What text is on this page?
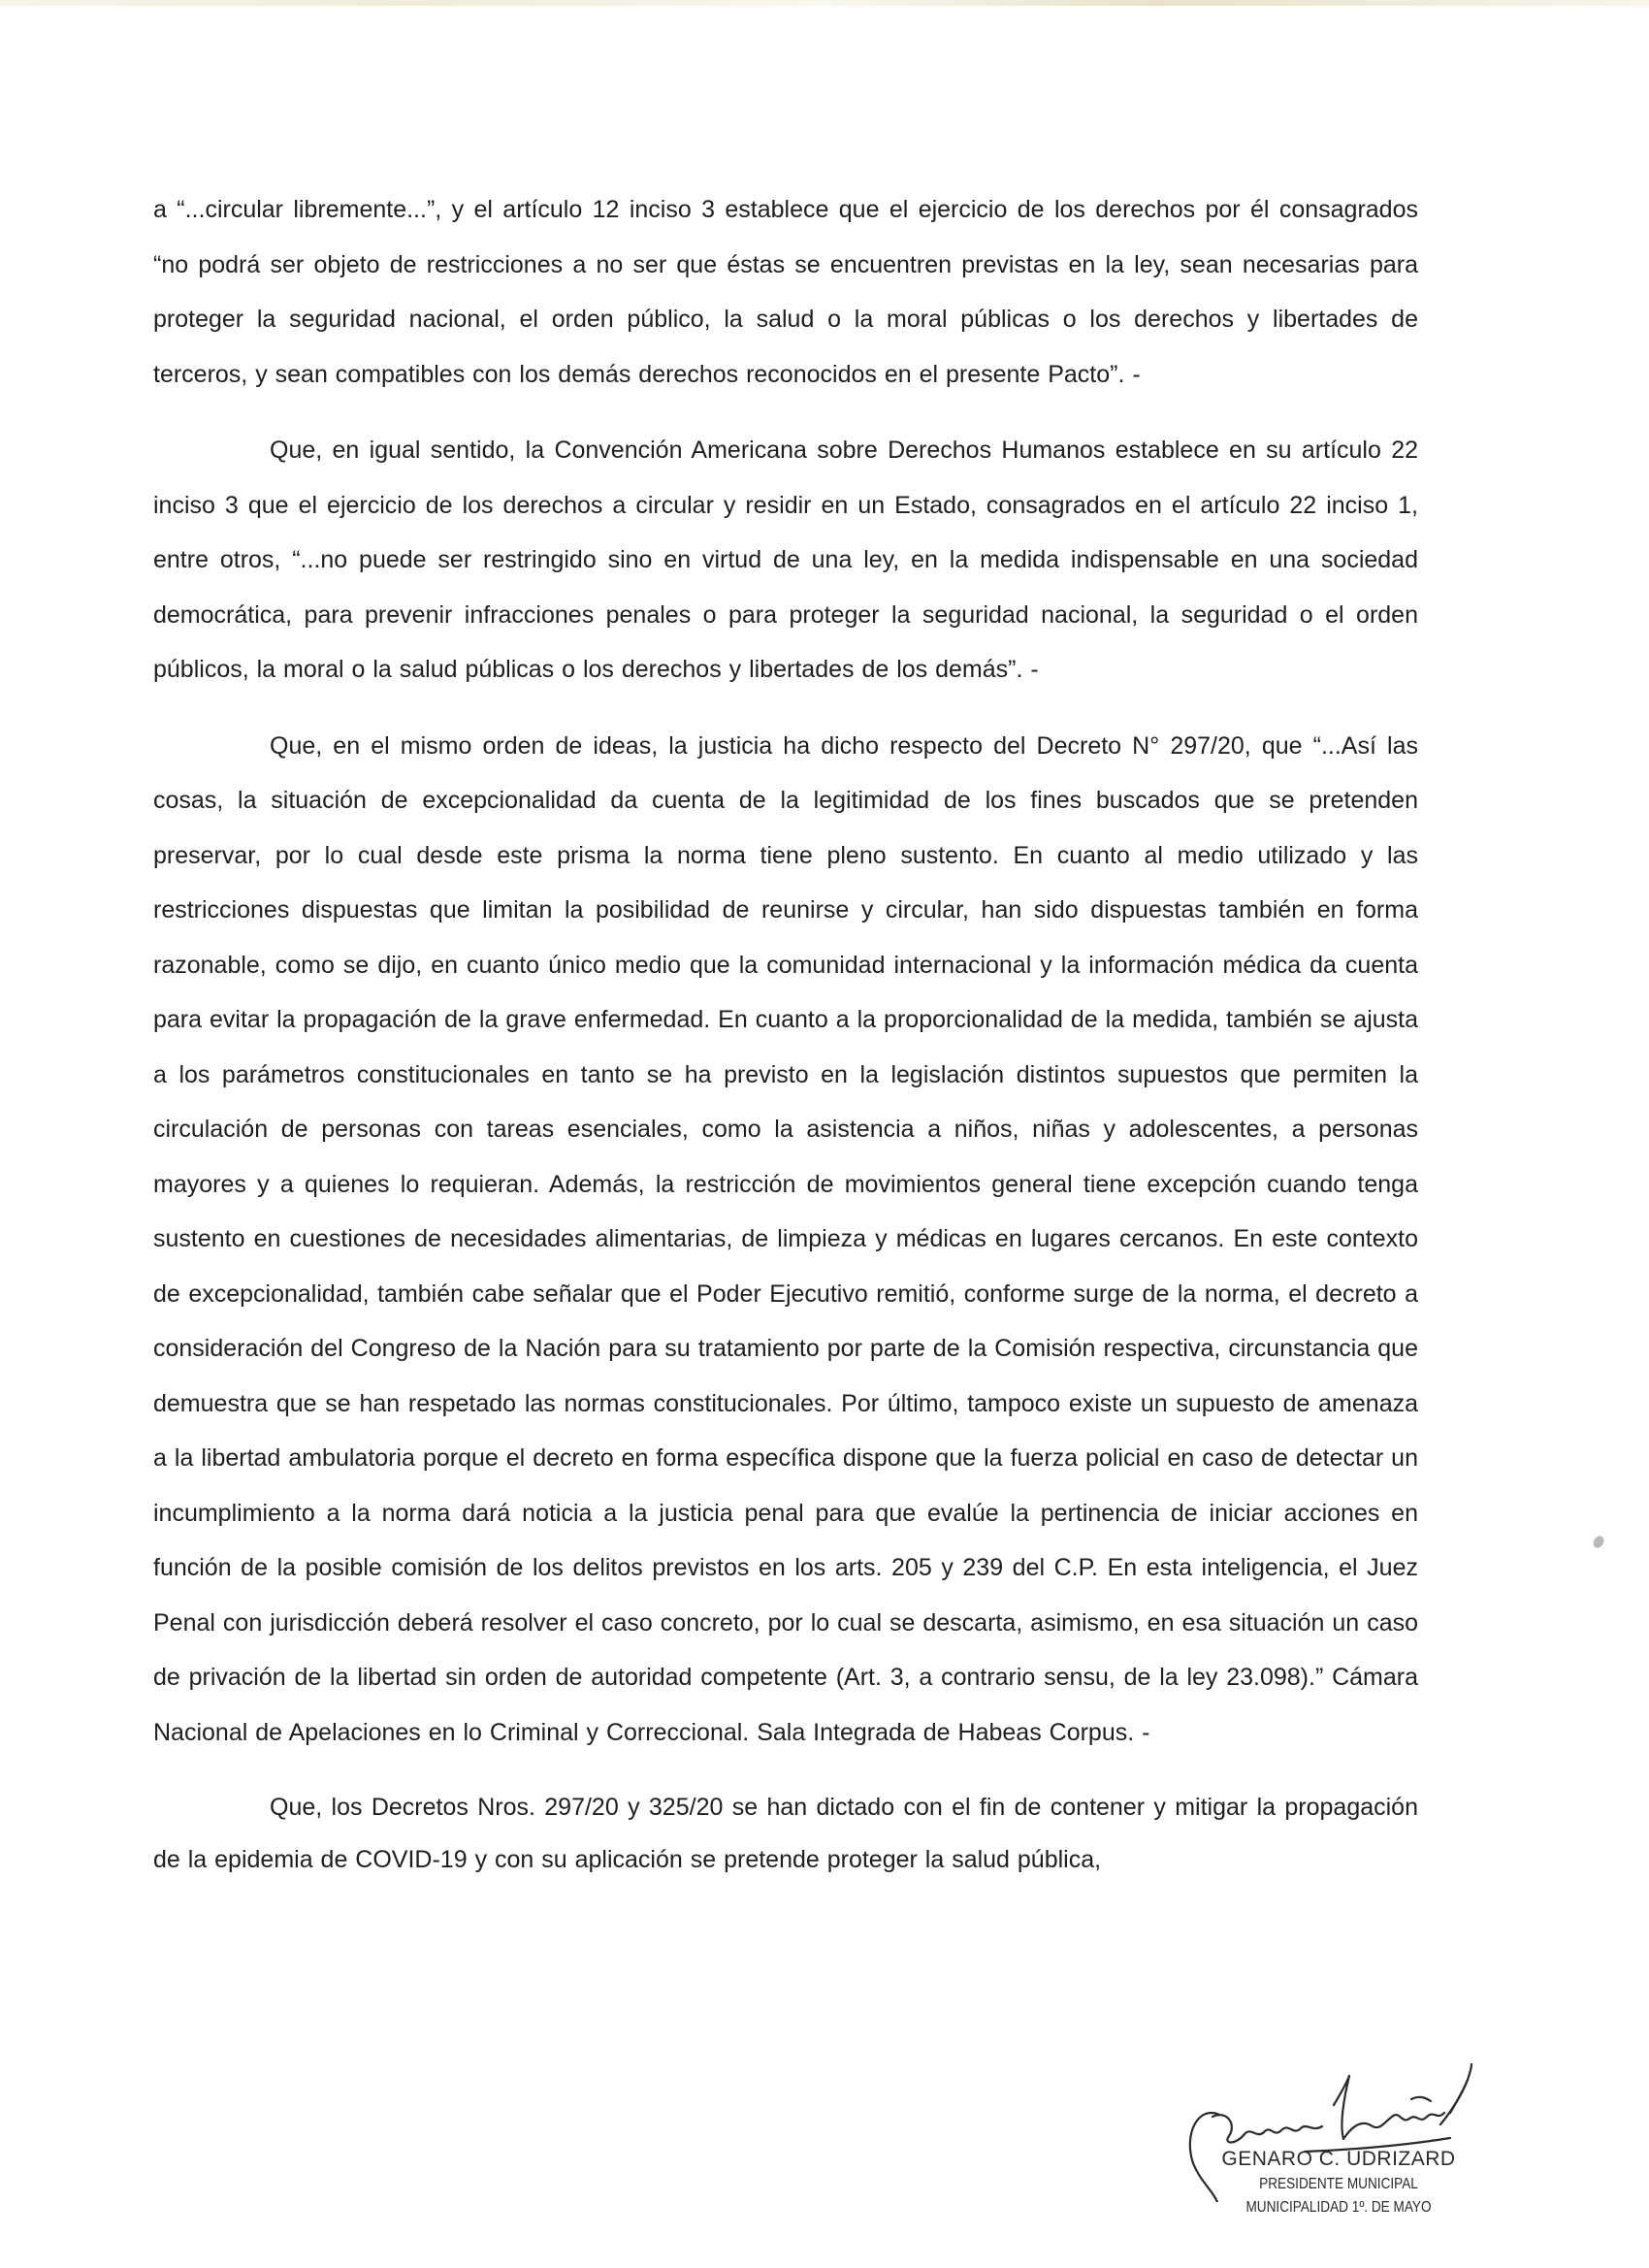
a “...circular libremente...”, y el artículo 12 inciso 3 establece que el ejercicio de los derechos por él consagrados “no podrá ser objeto de restricciones a no ser que éstas se encuentren previstas en la ley, sean necesarias para proteger la seguridad nacional, el orden público, la salud o la moral públicas o los derechos y libertades de terceros, y sean compatibles con los demás derechos reconocidos en el presente Pacto”. -

Que, en igual sentido, la Convención Americana sobre Derechos Humanos establece en su artículo 22 inciso 3 que el ejercicio de los derechos a circular y residir en un Estado, consagrados en el artículo 22 inciso 1, entre otros, “...no puede ser restringido sino en virtud de una ley, en la medida indispensable en una sociedad democrática, para prevenir infracciones penales o para proteger la seguridad nacional, la seguridad o el orden públicos, la moral o la salud públicas o los derechos y libertades de los demás”. -

Que, en el mismo orden de ideas, la justicia ha dicho respecto del Decreto N° 297/20, que “...Así las cosas, la situación de excepcionalidad da cuenta de la legitimidad de los fines buscados que se pretenden preservar, por lo cual desde este prisma la norma tiene pleno sustento. En cuanto al medio utilizado y las restricciones dispuestas que limitan la posibilidad de reunirse y circular, han sido dispuestas también en forma razonable, como se dijo, en cuanto único medio que la comunidad internacional y la información médica da cuenta para evitar la propagación de la grave enfermedad. En cuanto a la proporcionalidad de la medida, también se ajusta a los parámetros constitucionales en tanto se ha previsto en la legislación distintos supuestos que permiten la circulación de personas con tareas esenciales, como la asistencia a niños, niñas y adolescentes, a personas mayores y a quienes lo requieran. Además, la restricción de movimientos general tiene excepción cuando tenga sustento en cuestiones de necesidades alimentarias, de limpieza y médicas en lugares cercanos. En este contexto de excepcionalidad, también cabe señalar que el Poder Ejecutivo remitió, conforme surge de la norma, el decreto a consideración del Congreso de la Nación para su tratamiento por parte de la Comisión respectiva, circunstancia que demuestra que se han respetado las normas constitucionales. Por último, tampoco existe un supuesto de amenaza a la libertad ambulatoria porque el decreto en forma específica dispone que la fuerza policial en caso de detectar un incumplimiento a la norma dará noticia a la justicia penal para que evalúe la pertinencia de iniciar acciones en función de la posible comisión de los delitos previstos en los arts. 205 y 239 del C.P. En esta inteligencia, el Juez Penal con jurisdicción deberá resolver el caso concreto, por lo cual se descarta, asimismo, en esa situación un caso de privación de la libertad sin orden de autoridad competente (Art. 3, a contrario sensu, de la ley 23.098).” Cámara Nacional de Apelaciones en lo Criminal y Correccional. Sala Integrada de Habeas Corpus. -

Que, los Decretos Nros. 297/20 y 325/20 se han dictado con el fin de contener y mitigar la propagación de la epidemia de COVID-19 y con su aplicación se pretende proteger la salud pública,

GENARO C. UDRIZARD

PRESIDENTE MUNICIPAL

MUNICIPALIDAD 1º. DE MAYO
